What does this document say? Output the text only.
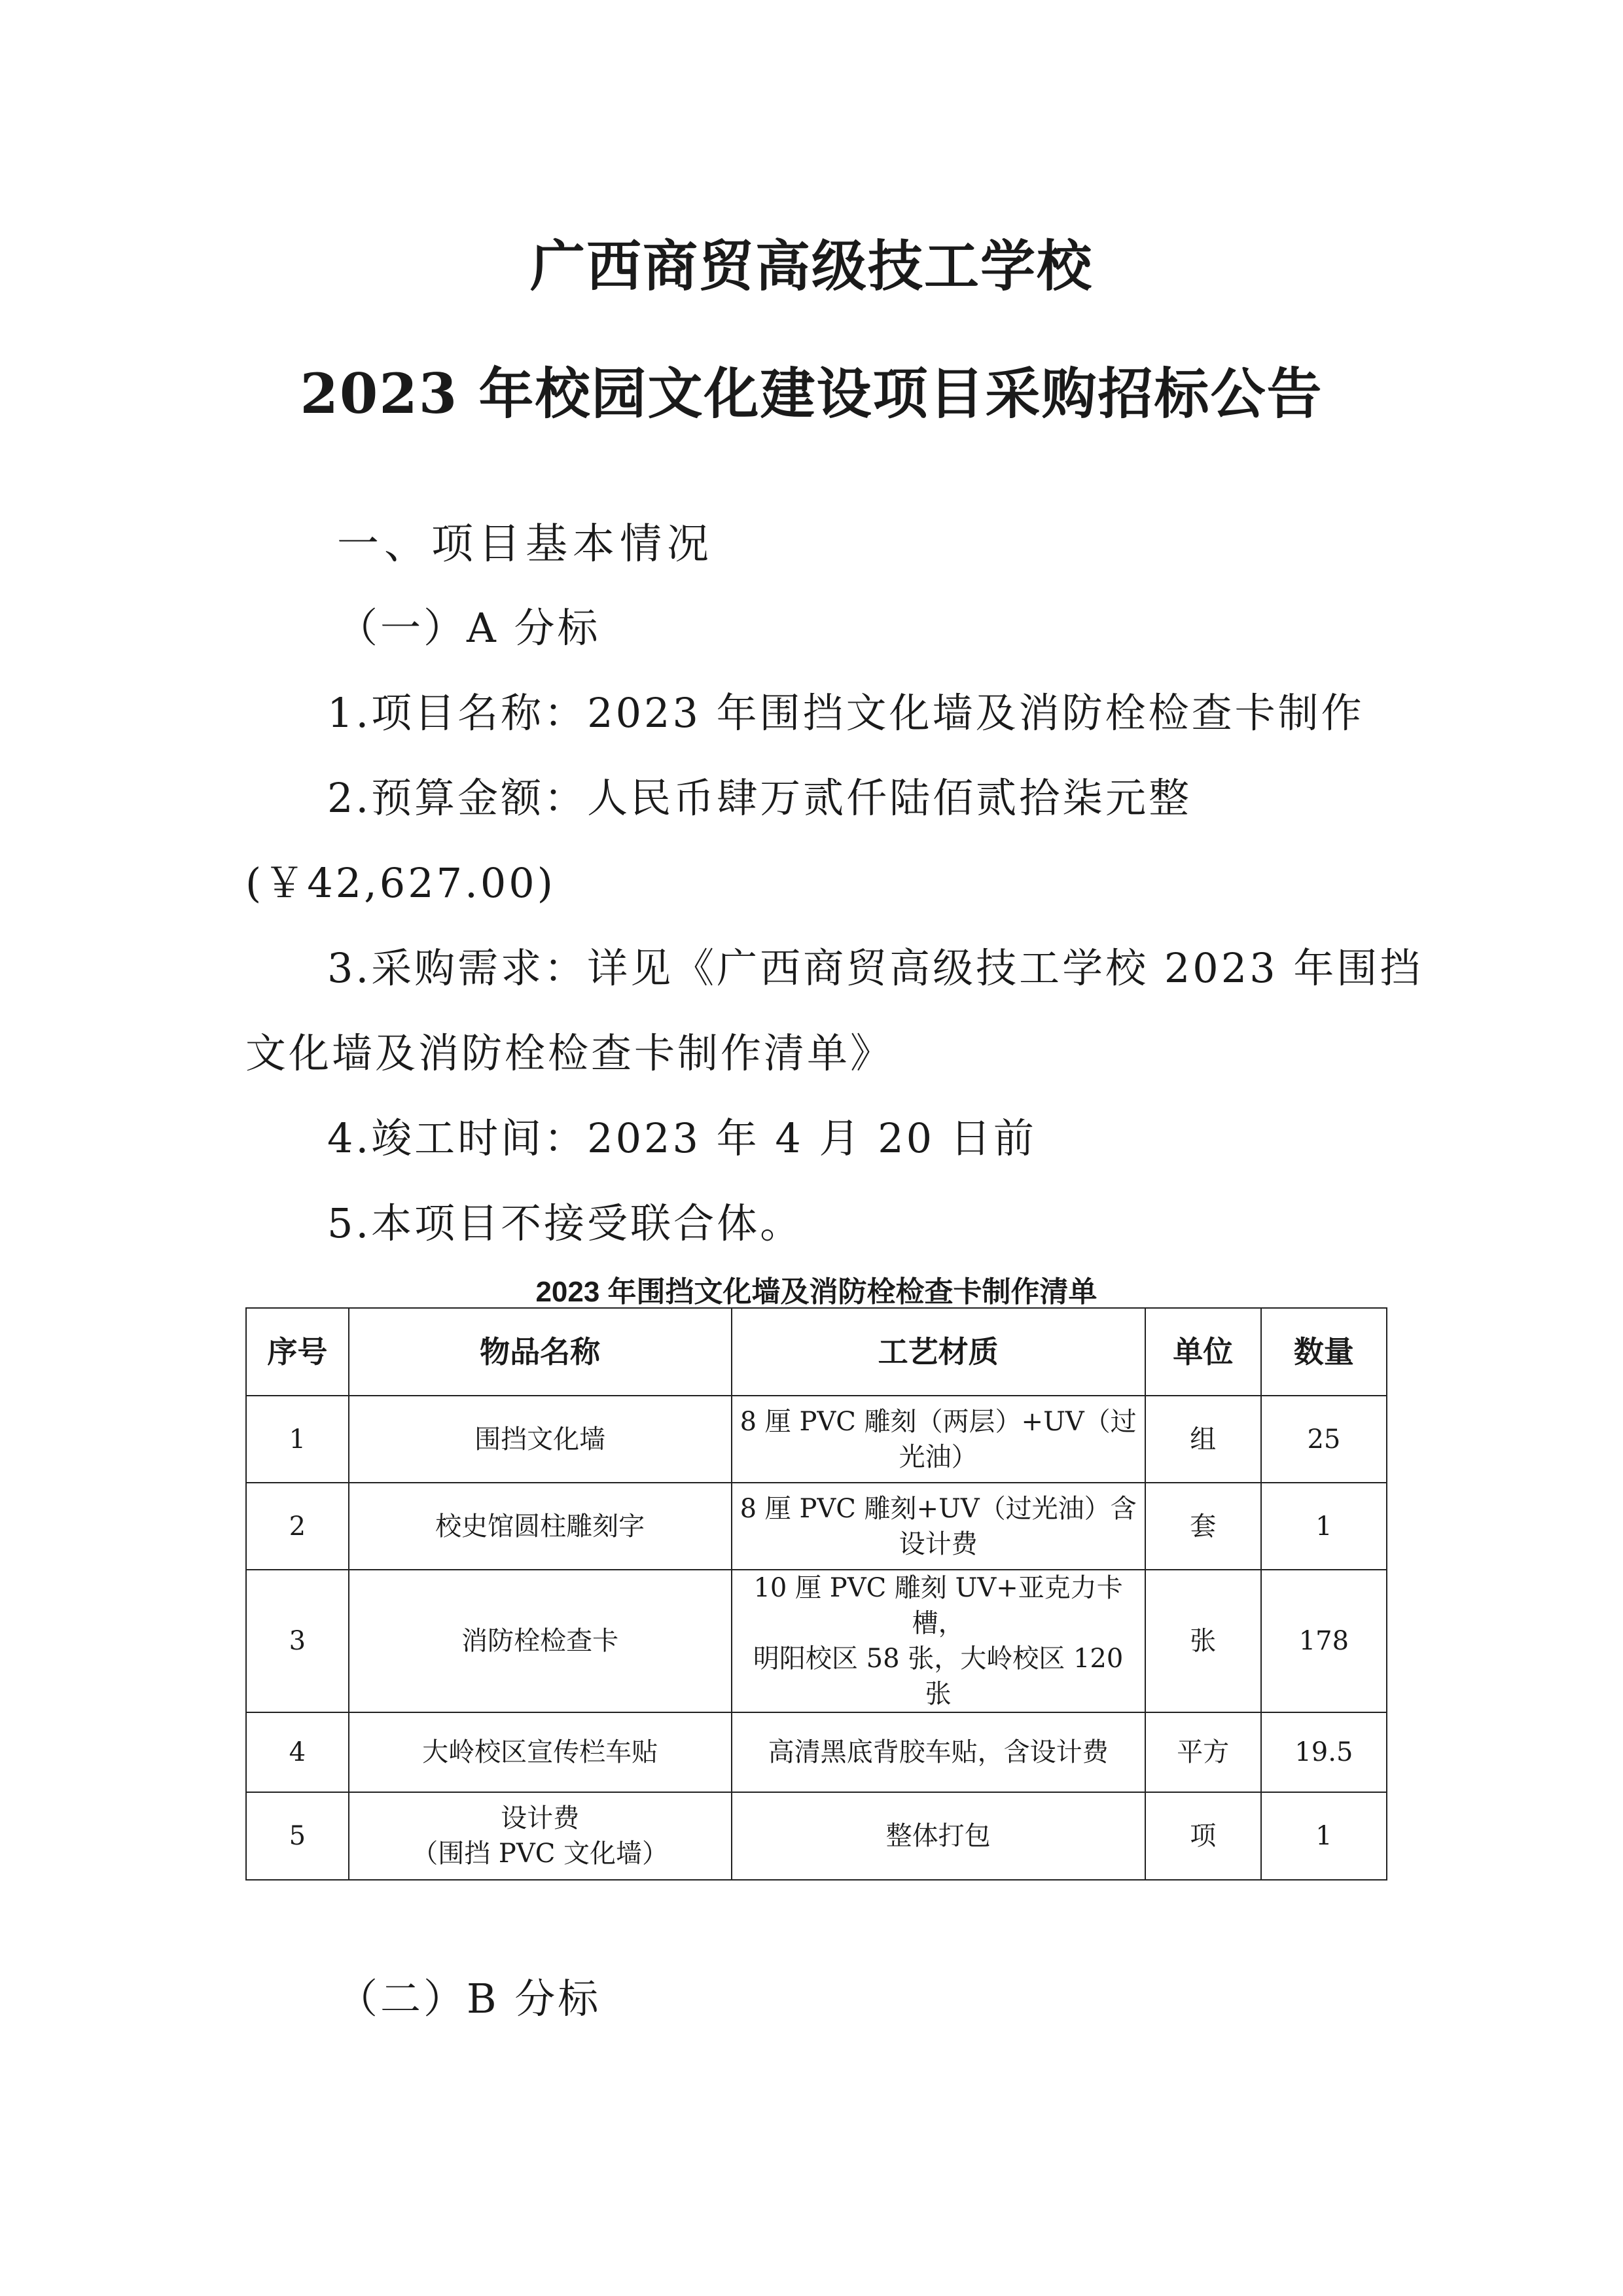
广西商贸高级技工学校
2023 年校园文化建设项目采购招标公告
一、项目基本情况
（一）A 分标
1.项目名称：2023 年围挡文化墙及消防栓检查卡制作
2.预算金额：人民币肆万贰仟陆佰贰拾柒元整
(￥42,627.00)
3.采购需求：详见《广西商贸高级技工学校 2023 年围挡
文化墙及消防栓检查卡制作清单》
4.竣工时间：2023 年 4 月 20 日前
5.本项目不接受联合体。
2023 年围挡文化墙及消防栓检查卡制作清单
序号	物品名称	工艺材质	单位	数量
1	围挡文化墙	8 厘 PVC 雕刻（两层）+UV（过
光油）	组	25
2	校史馆圆柱雕刻字	8 厘 PVC 雕刻+UV（过光油）含
设计费	套	1
3	消防栓检查卡	10 厘 PVC 雕刻 UV+亚克力卡槽，
明阳校区 58 张，大岭校区 120
张	张	178
4	大岭校区宣传栏车贴	高清黑底背胶车贴，含设计费	平方	19.5
5	设计费
（围挡 PVC 文化墙）	整体打包	项	1
（二）B 分标
